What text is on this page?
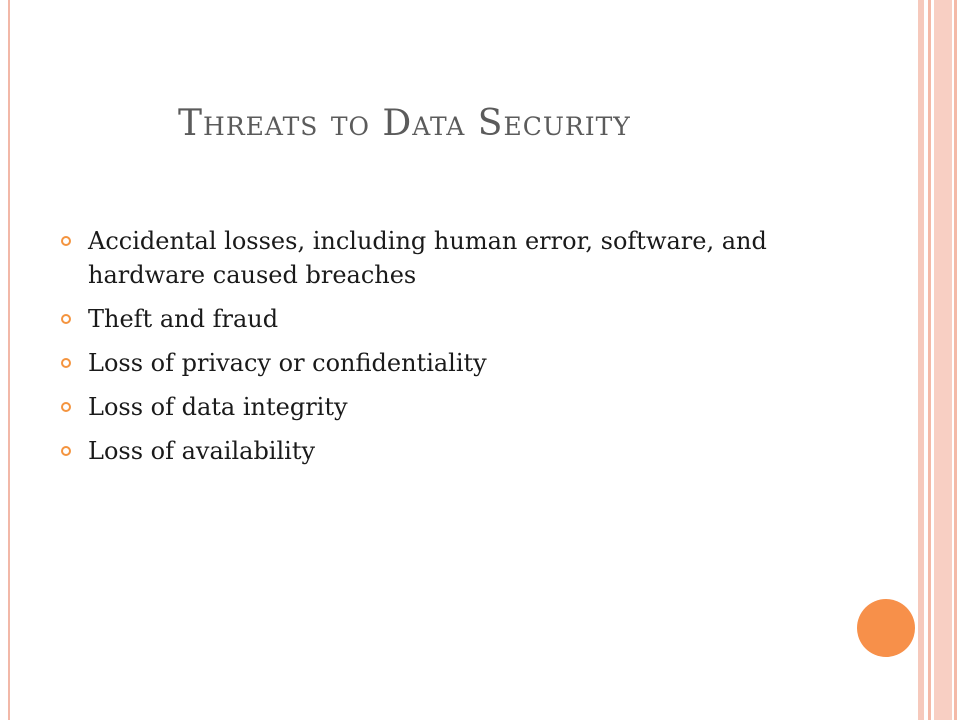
Threats to Data Security
Accidental losses, including human error, software, and hardware caused breaches
Theft and fraud
Loss of privacy or confidentiality
Loss of data integrity
Loss of availability
